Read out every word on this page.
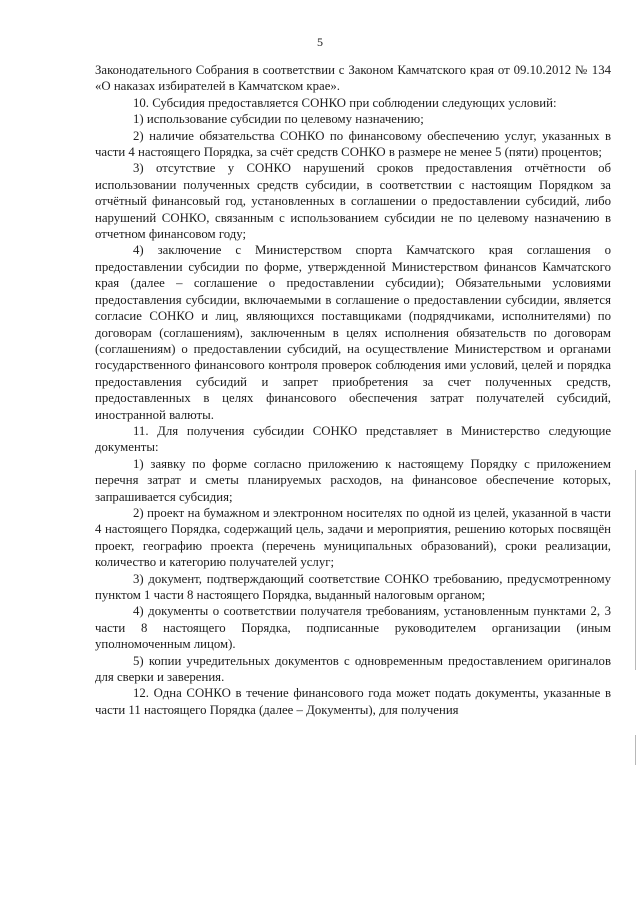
5

Законодательного Собрания в соответствии с Законом Камчатского края от 09.10.2012 № 134 «О наказах избирателей в Камчатском крае».

10. Субсидия предоставляется СОНКО при соблюдении следующих условий:

1) использование субсидии по целевому назначению;

2) наличие обязательства СОНКО по финансовому обеспечению услуг, указанных в части 4 настоящего Порядка, за счёт средств СОНКО в размере не менее 5 (пяти) процентов;

3) отсутствие у СОНКО нарушений сроков предоставления отчётности об использовании полученных средств субсидии, в соответствии с настоящим Порядком за отчётный финансовый год, установленных в соглашении о предоставлении субсидий, либо нарушений СОНКО, связанным с использованием субсидии не по целевому назначению в отчетном финансовом году;

4) заключение с Министерством спорта Камчатского края соглашения о предоставлении субсидии по форме, утвержденной Министерством финансов Камчатского края (далее – соглашение о предоставлении субсидии); Обязательными условиями предоставления субсидии, включаемыми в соглашение о предоставлении субсидии, является согласие СОНКО и лиц, являющихся поставщиками (подрядчиками, исполнителями) по договорам (соглашениям), заключенным в целях исполнения обязательств по договорам (соглашениям) о предоставлении субсидий, на осуществление Министерством и органами государственного финансового контроля проверок соблюдения ими условий, целей и порядка предоставления субсидий и запрет приобретения за счет полученных средств, предоставленных в целях финансового обеспечения затрат получателей субсидий, иностранной валюты.

11. Для получения субсидии СОНКО представляет в Министерство следующие документы:

1) заявку по форме согласно приложению к настоящему Порядку с приложением перечня затрат и сметы планируемых расходов, на финансовое обеспечение которых, запрашивается субсидия;

2) проект на бумажном и электронном носителях по одной из целей, указанной в части 4 настоящего Порядка, содержащий цель, задачи и мероприятия, решению которых посвящён проект, географию проекта (перечень муниципальных образований), сроки реализации, количество и категорию получателей услуг;

3) документ, подтверждающий соответствие СОНКО требованию, предусмотренному пунктом 1 части 8 настоящего Порядка, выданный налоговым органом;

4) документы о соответствии получателя требованиям, установленным пунктами 2, 3 части 8 настоящего Порядка, подписанные руководителем организации (иным уполномоченным лицом).

5) копии учредительных документов с одновременным предоставлением оригиналов для сверки и заверения.

12. Одна СОНКО в течение финансового года может подать документы, указанные в части 11 настоящего Порядка (далее – Документы), для получения
